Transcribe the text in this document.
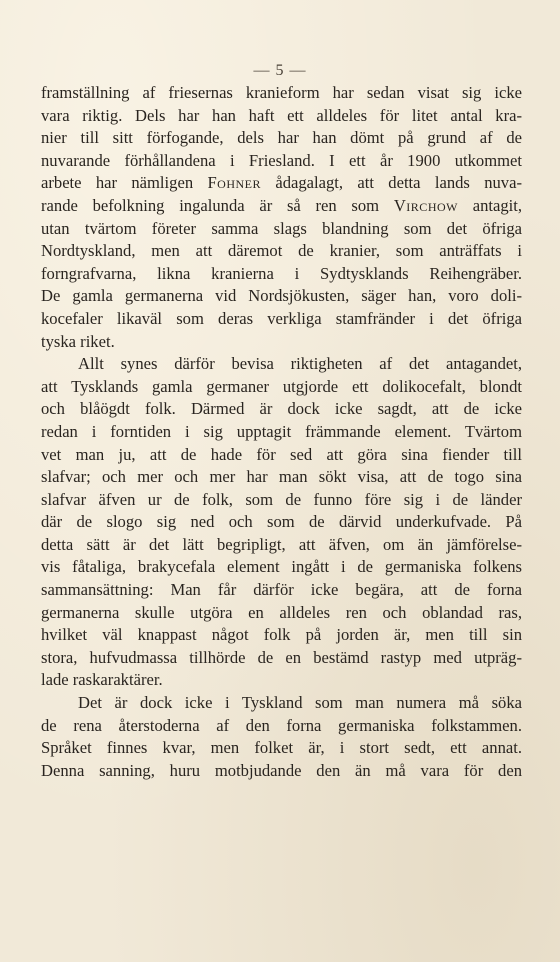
— 5 —
framställning af friesernas kranieform har sedan visat sig icke
vara riktig. Dels har han haft ett alldeles för litet antal kra-
nier till sitt förfogande, dels har han dömt på grund af de
nuvarande förhållandena i Friesland. I ett år 1900 utkommet
arbete har nämligen Fohner ådagalagt, att detta lands nuva-
rande befolkning ingalunda är så ren som Virchow antagit,
utan tvärtom företer samma slags blandning som det öfriga
Nordtyskland, men att däremot de kranier, som anträffats i
forngrafvarna, likna kranierna i Sydtysklands Reihengräber.
De gamla germanerna vid Nordsjökusten, säger han, voro doli-
kocefaler likaväl som deras verkliga stamfränder i det öfriga
tyska riket.
Allt synes därför bevisa riktigheten af det antagandet,
att Tysklands gamla germaner utgjorde ett dolikocefalt, blondt
och blåögdt folk. Därmed är dock icke sagdt, att de icke
redan i forntiden i sig upptagit främmande element. Tvärtom
vet man ju, att de hade för sed att göra sina fiender till
slafvar; och mer och mer har man sökt visa, att de togo sina
slafvar äfven ur de folk, som de funno före sig i de länder
där de slogo sig ned och som de därvid underkufvade. På
detta sätt är det lätt begripligt, att äfven, om än jämförelse-
vis fåtaliga, brakycefala element ingått i de germaniska folkens
sammansättning: Man får därför icke begära, att de forna
germanerna skulle utgöra en alldeles ren och oblandad ras,
hvilket väl knappast något folk på jorden är, men till sin
stora, hufvudmassa tillhörde de en bestämd rastyp med utpräg-
lade raskaraktärer.
Det är dock icke i Tyskland som man numera må söka
de rena återstoderna af den forna germaniska folkstammen.
Språket finnes kvar, men folket är, i stort sedt, ett annat.
Denna sanning, huru motbjudande den än må vara för den
